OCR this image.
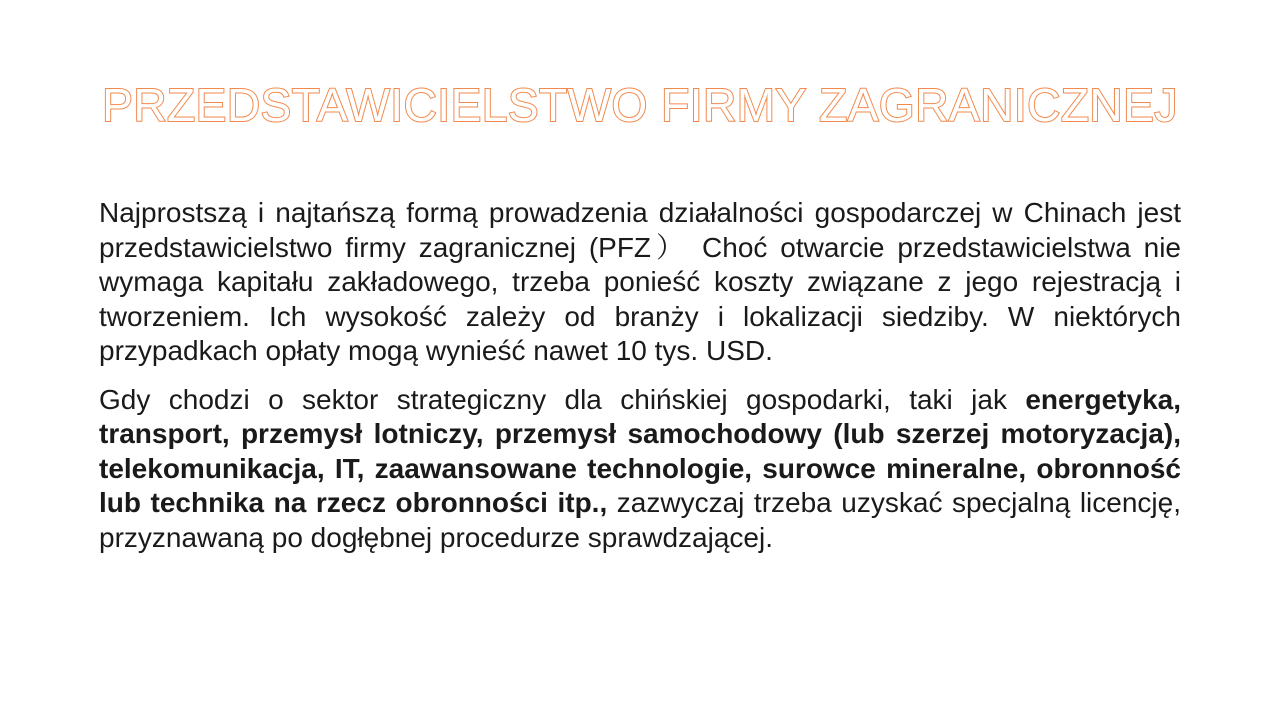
PRZEDSTAWICIELSTWO FIRMY ZAGRANICZNEJ

Najprostszą i najtańszą formą prowadzenia działalności gospodarczej w Chinach jest przedstawicielstwo firmy zagranicznej (PFZ） Choć otwarcie przedstawicielstwa nie wymaga kapitału zakładowego, trzeba ponieść koszty związane z jego rejestracją i tworzeniem. Ich wysokość zależy od branży i lokalizacji siedziby. W niektórych przypadkach opłaty mogą wynieść nawet 10 tys. USD.

Gdy chodzi o sektor strategiczny dla chińskiej gospodarki, taki jak energetyka, transport, przemysł lotniczy, przemysł samochodowy (lub szerzej motoryzacja), telekomunikacja, IT, zaawansowane technologie, surowce mineralne, obronność lub technika na rzecz obronności itp., zazwyczaj trzeba uzyskać specjalną licencję, przyznawaną po dogłębnej procedurze sprawdzającej.
